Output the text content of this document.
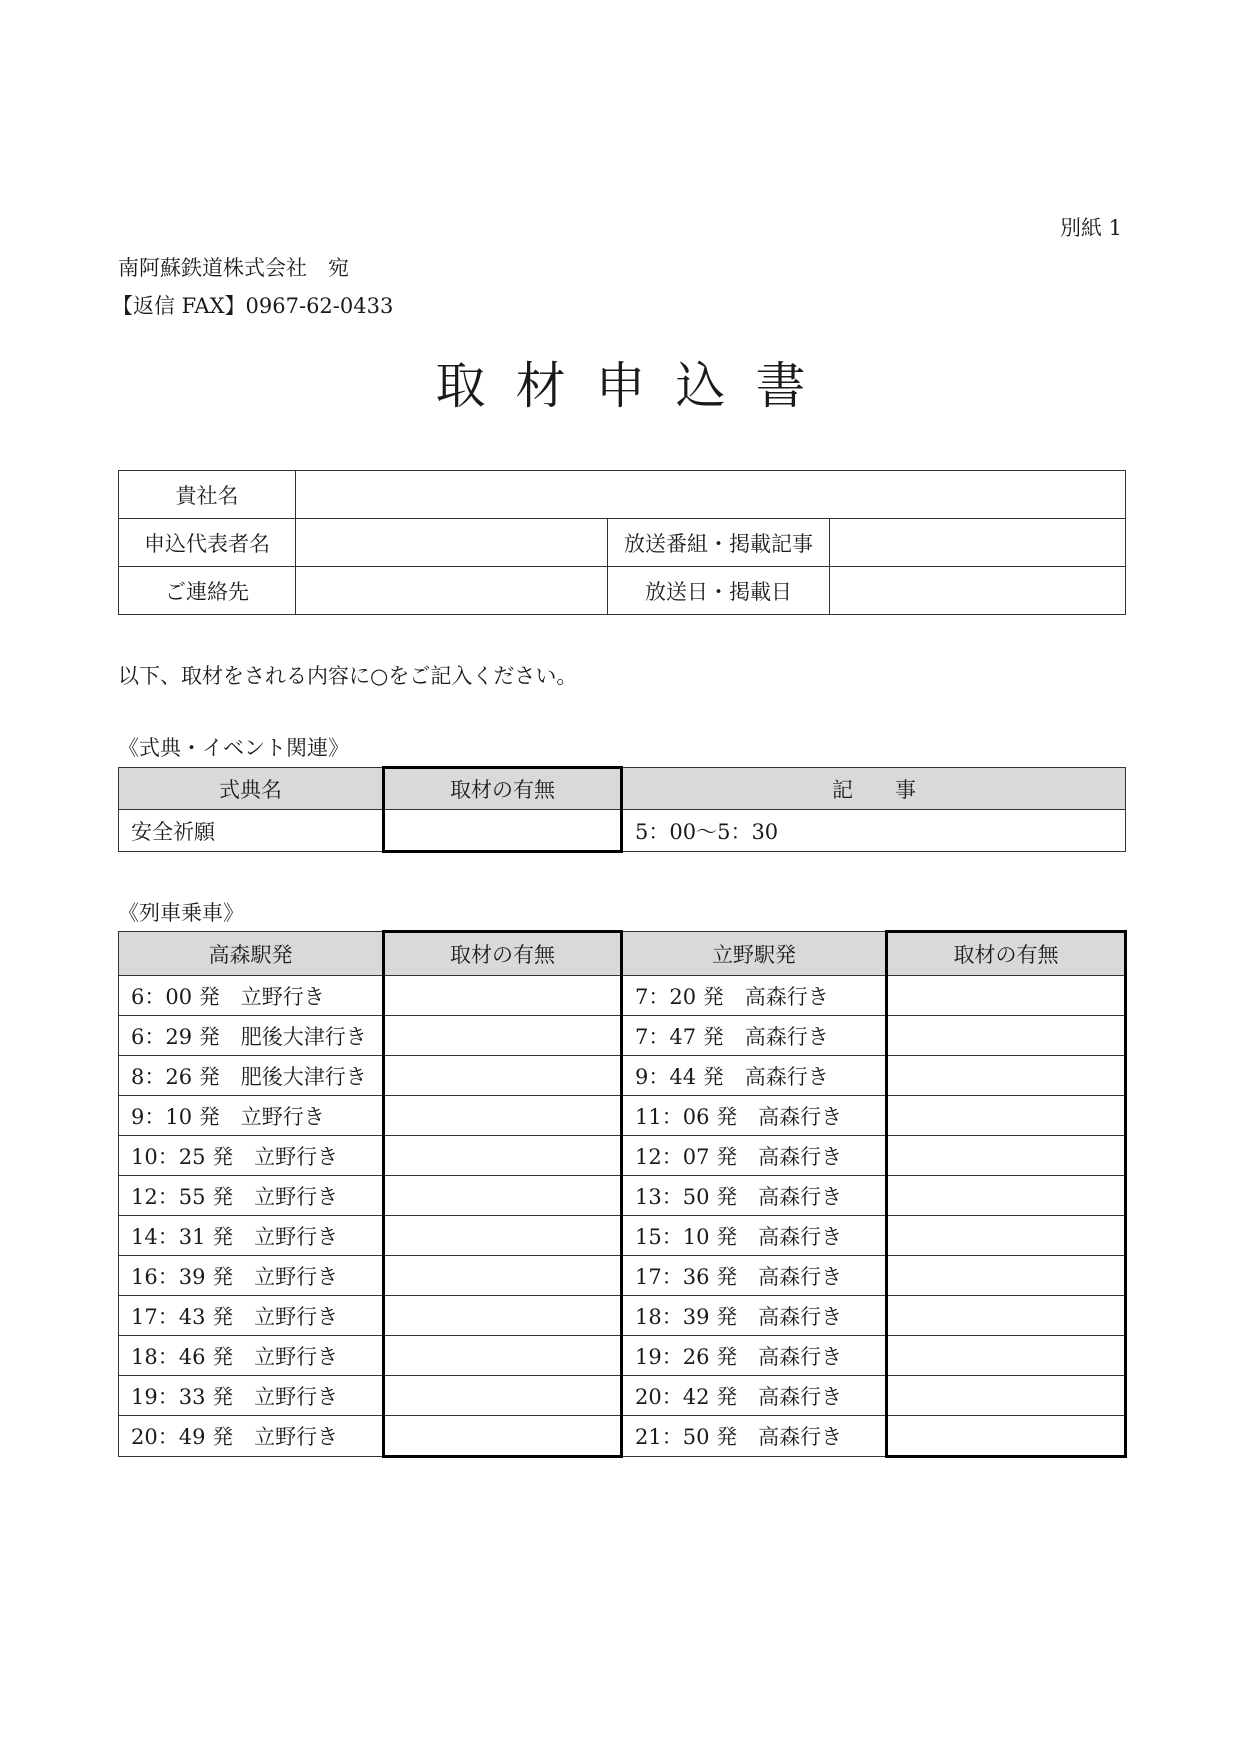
別紙 1
南阿蘇鉄道株式会社　宛
【返信 FAX】0967-62-0433
取材申込書
貴社名			
申込代表者名		放送番組・掲載記事	
ご連絡先		放送日・掲載日	
以下、取材をされる内容に○をご記入ください。
《式典・イベント関連》
式典名	取材の有無	記　　事
安全祈願		5：00〜5：30
《列車乗車》
高森駅発	取材の有無	立野駅発	取材の有無
6：00 発　立野行き		7：20 発　高森行き	
6：29 発　肥後大津行き		7：47 発　高森行き	
8：26 発　肥後大津行き		9：44 発　高森行き	
9：10 発　立野行き		11：06 発　高森行き	
10：25 発　立野行き		12：07 発　高森行き	
12：55 発　立野行き		13：50 発　高森行き	
14：31 発　立野行き		15：10 発　高森行き	
16：39 発　立野行き		17：36 発　高森行き	
17：43 発　立野行き		18：39 発　高森行き	
18：46 発　立野行き		19：26 発　高森行き	
19：33 発　立野行き		20：42 発　高森行き	
20：49 発　立野行き		21：50 発　高森行き	
